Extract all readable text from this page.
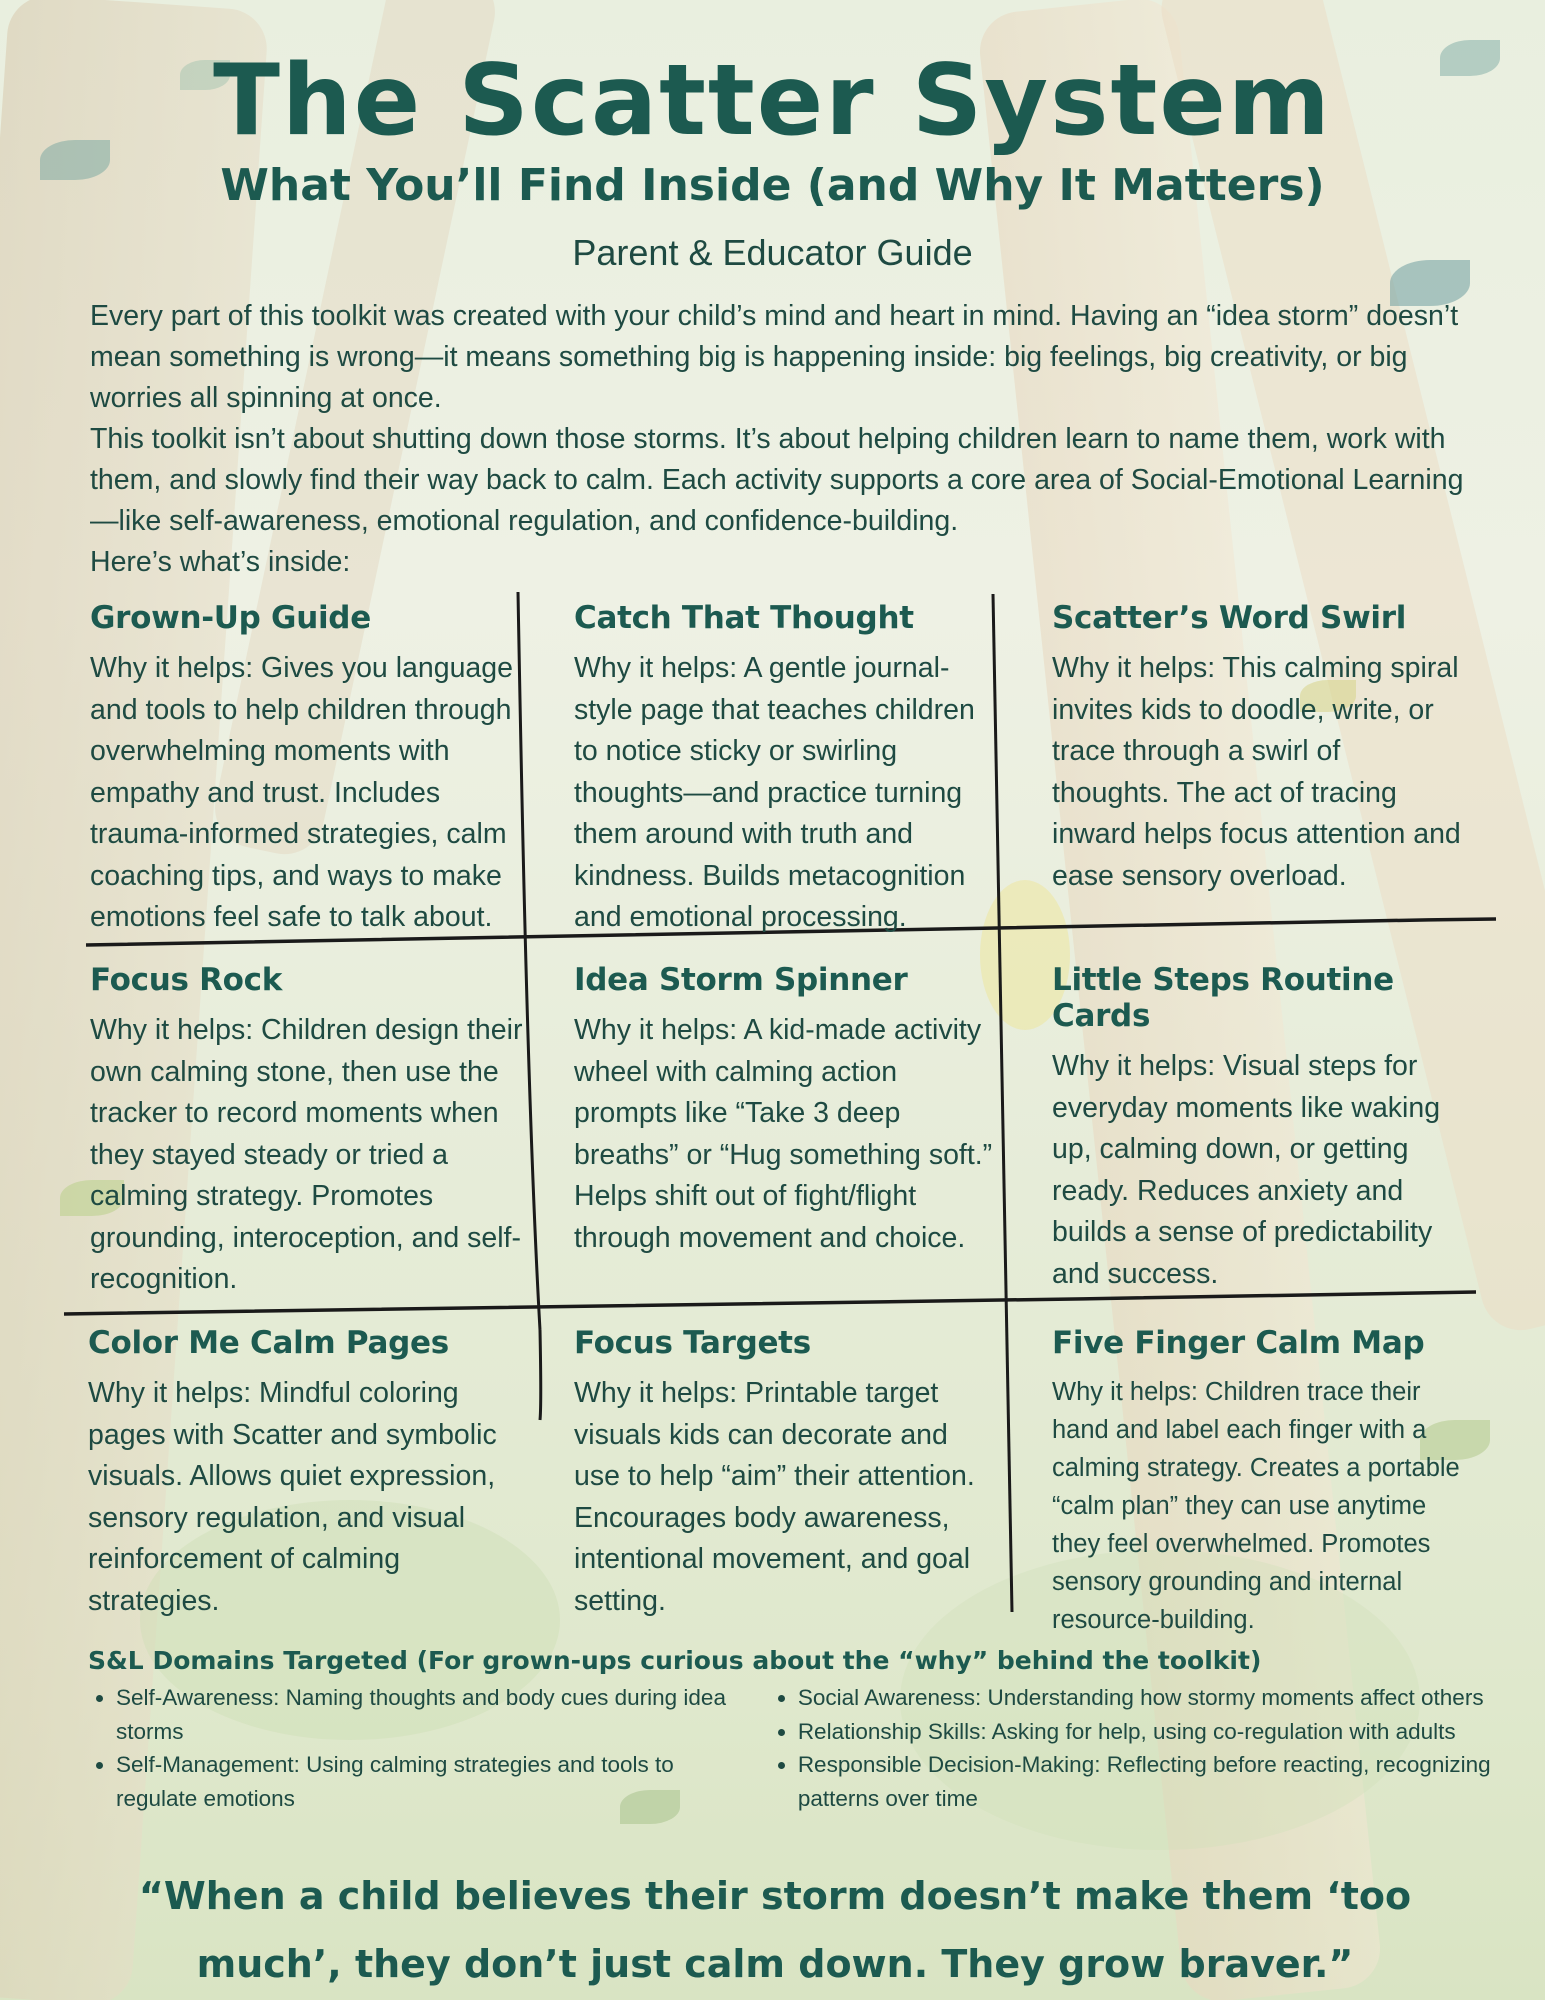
The Scatter System
What You’ll Find Inside (and Why It Matters)
Parent & Educator Guide

Every part of this toolkit was created with your child’s mind and heart in mind. Having an “idea storm” doesn’t mean something is wrong—it means something big is happening inside: big feelings, big creativity, or big worries all spinning at once.

This toolkit isn’t about shutting down those storms. It’s about helping children learn to name them, work with them, and slowly find their way back to calm. Each activity supports a core area of Social-Emotional Learning—like self-awareness, emotional regulation, and confidence-building.

Here’s what’s inside:

Grown-Up Guide

Why it helps: Gives you language and tools to help children through overwhelming moments with empathy and trust. Includes trauma-informed strategies, calm coaching tips, and ways to make emotions feel safe to talk about.

Catch That Thought

Why it helps: A gentle journal-style page that teaches children to notice sticky or swirling thoughts—and practice turning them around with truth and kindness. Builds metacognition and emotional processing.

Scatter’s Word Swirl

Why it helps: This calming spiral invites kids to doodle, write, or trace through a swirl of thoughts. The act of tracing inward helps focus attention and ease sensory overload.

Focus Rock

Why it helps: Children design their own calming stone, then use the tracker to record moments when they stayed steady or tried a calming strategy. Promotes grounding, interoception, and self-recognition.

Idea Storm Spinner

Why it helps: A kid-made activity wheel with calming action prompts like “Take 3 deep breaths” or “Hug something soft.” Helps shift out of fight/flight through movement and choice.

Little Steps Routine Cards

Why it helps: Visual steps for everyday moments like waking up, calming down, or getting ready. Reduces anxiety and builds a sense of predictability and success.

Color Me Calm Pages

Why it helps: Mindful coloring pages with Scatter and symbolic visuals. Allows quiet expression, sensory regulation, and visual reinforcement of calming strategies.

Focus Targets

Why it helps: Printable target visuals kids can decorate and use to help “aim” their attention. Encourages body awareness, intentional movement, and goal setting.

Five Finger Calm Map

Why it helps: Children trace their hand and label each finger with a calming strategy. Creates a portable “calm plan” they can use anytime they feel overwhelmed. Promotes sensory grounding and internal resource-building.

S&L Domains Targeted (For grown-ups curious about the “why” behind the toolkit)
• Self-Awareness: Naming thoughts and body cues during idea storms
• Self-Management: Using calming strategies and tools to regulate emotions
• Social Awareness: Understanding how stormy moments affect others
• Relationship Skills: Asking for help, using co-regulation with adults
• Responsible Decision-Making: Reflecting before reacting, recognizing patterns over time
“When a child believes their storm doesn’t make them ‘too much’, they don’t just calm down. They grow braver.”
